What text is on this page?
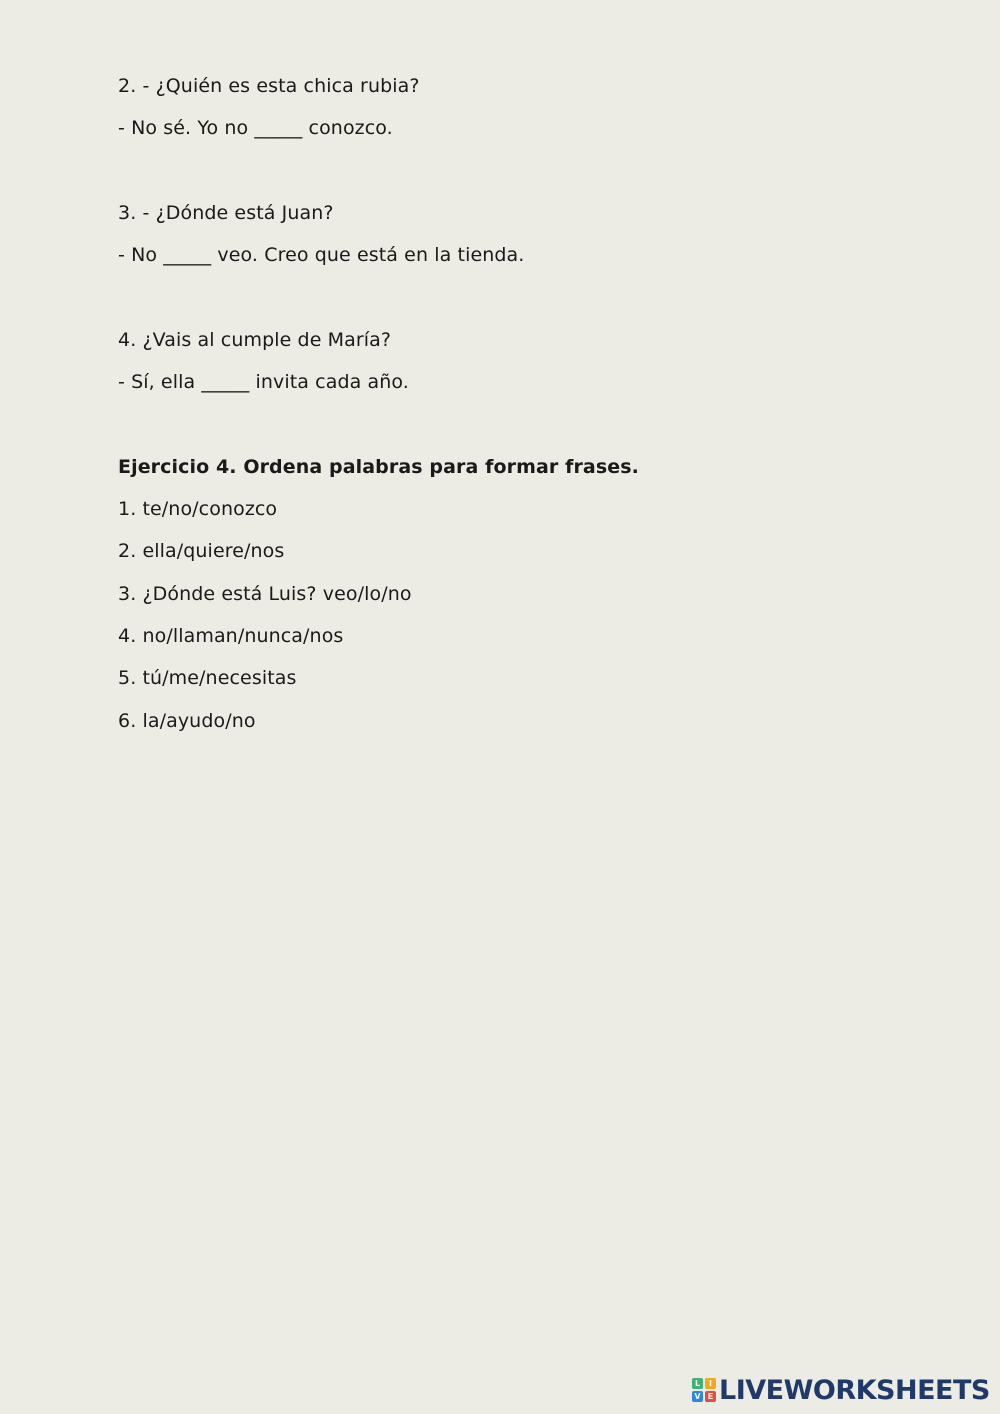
2. - ¿Quién es esta chica rubia?
- No sé. Yo no _____ conozco.
3. - ¿Dónde está Juan?
- No _____ veo. Creo que está en la tienda.
4. ¿Vais al cumple de María?
- Sí, ella _____ invita cada año.
Ejercicio 4. Ordena palabras para formar frases.
1. te/no/conozco
2. ella/quiere/nos
3. ¿Dónde está Luis? veo/lo/no
4. no/llaman/nunca/nos
5. tú/me/necesitas
6. la/ayudo/no
L	I
V E LIVEWORKSHEETS
